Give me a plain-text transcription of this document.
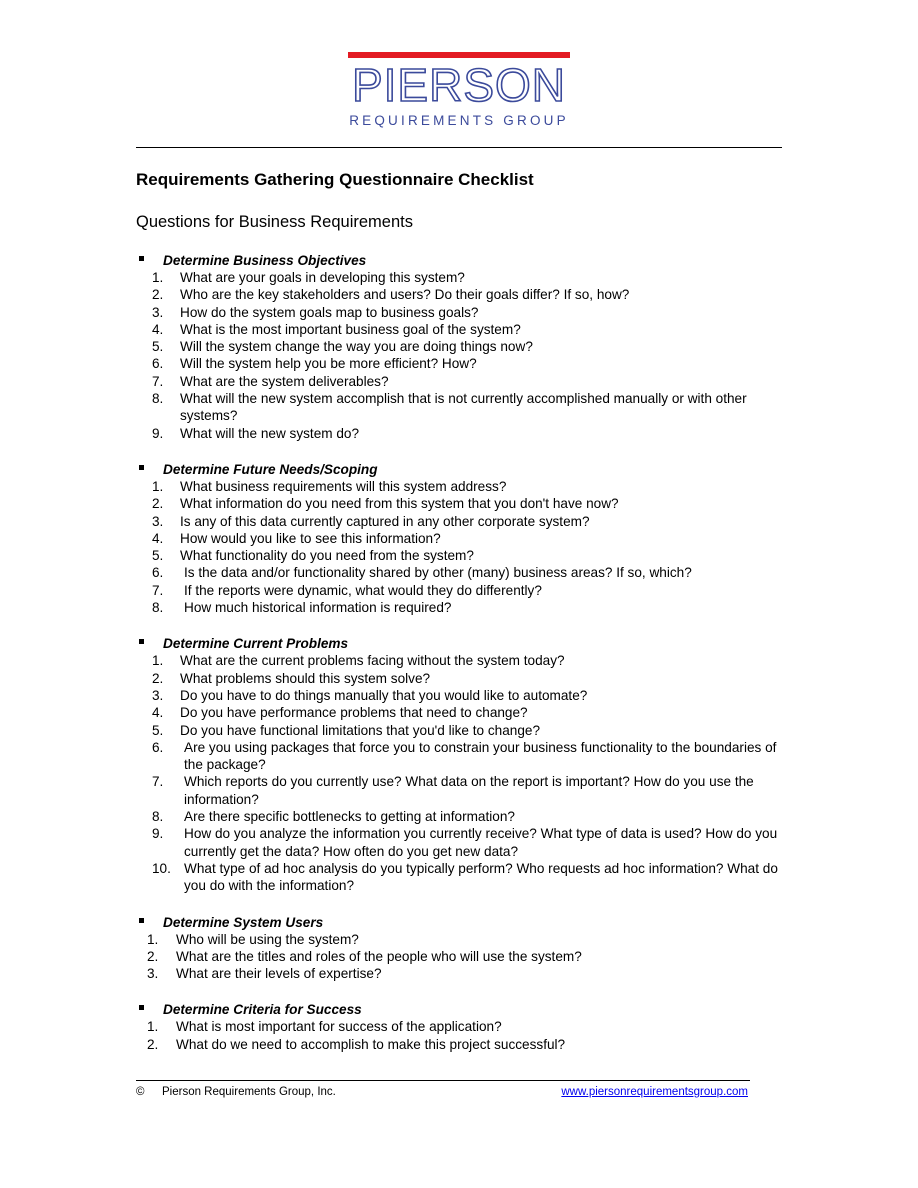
PIERSON
REQUIREMENTS GROUP
Requirements Gathering Questionnaire Checklist
Questions for Business Requirements
Determine Business Objectives
1. What are your goals in developing this system?
2. Who are the key stakeholders and users? Do their goals differ? If so, how?
3. How do the system goals map to business goals?
4. What is the most important business goal of the system?
5. Will the system change the way you are doing things now?
6. Will the system help you be more efficient? How?
7. What are the system deliverables?
8. What will the new system accomplish that is not currently accomplished manually or with other systems?
9. What will the new system do?
Determine Future Needs/Scoping
1. What business requirements will this system address?
2. What information do you need from this system that you don't have now?
3. Is any of this data currently captured in any other corporate system?
4. How would you like to see this information?
5. What functionality do you need from the system?
6. Is the data and/or functionality shared by other (many) business areas? If so, which?
7. If the reports were dynamic, what would they do differently?
8. How much historical information is required?
Determine Current Problems
1. What are the current problems facing without the system today?
2. What problems should this system solve?
3. Do you have to do things manually that you would like to automate?
4. Do you have performance problems that need to change?
5. Do you have functional limitations that you'd like to change?
6. Are you using packages that force you to constrain your business functionality to the boundaries of the package?
7. Which reports do you currently use? What data on the report is important? How do you use the information?
8. Are there specific bottlenecks to getting at information?
9. How do you analyze the information you currently receive? What type of data is used? How do you currently get the data? How often do you get new data?
10. What type of ad hoc analysis do you typically perform? Who requests ad hoc information? What do you do with the information?
Determine System Users
1. Who will be using the system?
2. What are the titles and roles of the people who will use the system?
3. What are their levels of expertise?
Determine Criteria for Success
1. What is most important for success of the application?
2. What do we need to accomplish to make this project successful?
© Pierson Requirements Group, Inc.	www.piersonrequirementsgroup.com
